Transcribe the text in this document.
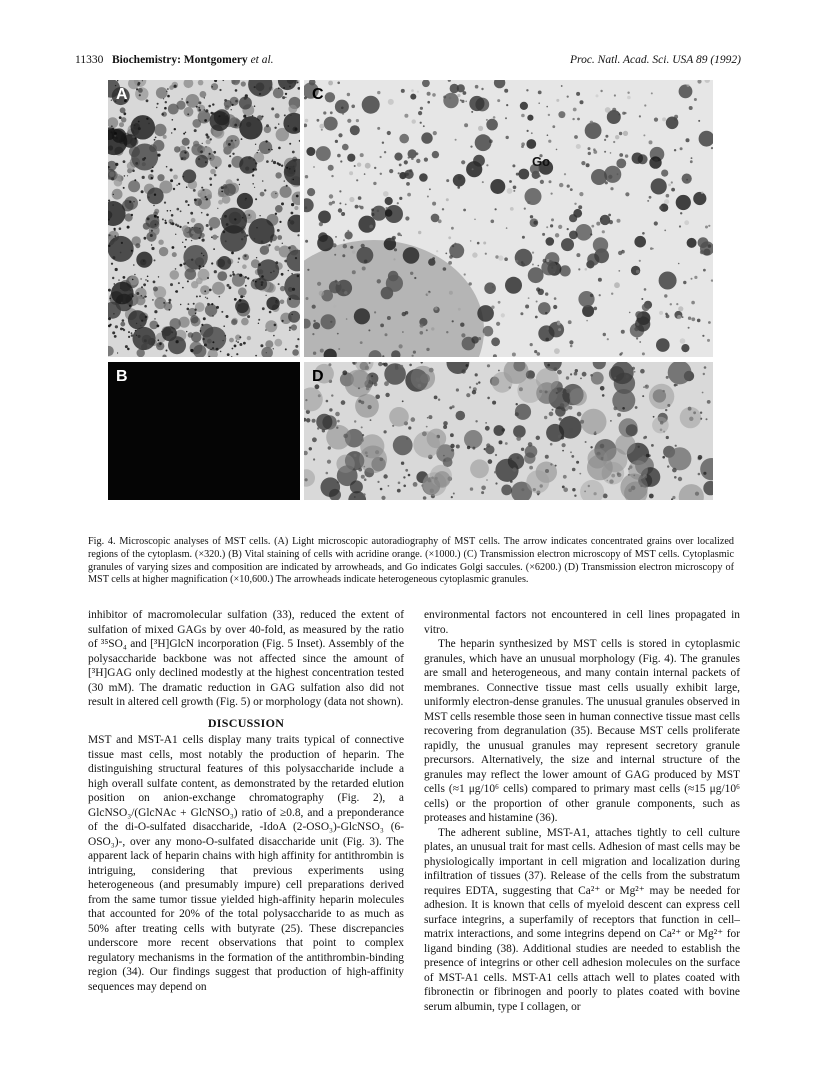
11330 Biochemistry: Montgomery et al.	Proc. Natl. Acad. Sci. USA 89 (1992)
A
B
C
Go
D
Fig. 4. Microscopic analyses of MST cells. (A) Light microscopic autoradiography of MST cells. The arrow indicates concentrated grains over localized regions of the cytoplasm. (×320.) (B) Vital staining of cells with acridine orange. (×1000.) (C) Transmission electron microscopy of MST cells. Cytoplasmic granules of varying sizes and composition are indicated by arrowheads, and Go indicates Golgi saccules. (×6200.) (D) Transmission electron microscopy of MST cells at higher magnification (×10,600.) The arrowheads indicate heterogeneous cytoplasmic granules.

inhibitor of macromolecular sulfation (33), reduced the extent of sulfation of mixed GAGs by over 40-fold, as measured by the ratio of ³⁵SO₄ and [³H]GlcN incorporation (Fig. 5 Inset). Assembly of the polysaccharide backbone was not affected since the amount of [³H]GAG only declined modestly at the highest concentration tested (30 mM). The dramatic reduction in GAG sulfation also did not result in altered cell growth (Fig. 5) or morphology (data not shown).

DISCUSSION

MST and MST-A1 cells display many traits typical of connective tissue mast cells, most notably the production of heparin. The distinguishing structural features of this polysaccharide include a high overall sulfate content, as demonstrated by the retarded elution position on anion-exchange chromatography (Fig. 2), a GlcNSO₃/(GlcNAc + GlcNSO₃) ratio of ≥0.8, and a preponderance of the di-O-sulfated disaccharide, -IdoA (2-OSO₃)-GlcNSO₃ (6-OSO₃)-, over any mono-O-sulfated disaccharide unit (Fig. 3). The apparent lack of heparin chains with high affinity for antithrombin is intriguing, considering that previous experiments using heterogeneous (and presumably impure) cell preparations derived from the same tumor tissue yielded high-affinity heparin molecules that accounted for 20% of the total polysaccharide to as much as 50% after treating cells with butyrate (25). These discrepancies underscore more recent observations that point to complex regulatory mechanisms in the formation of the antithrombin-binding region (34). Our findings suggest that production of high-affinity sequences may depend on

environmental factors not encountered in cell lines propagated in vitro.

The heparin synthesized by MST cells is stored in cytoplasmic granules, which have an unusual morphology (Fig. 4). The granules are small and heterogeneous, and many contain internal packets of membranes. Connective tissue mast cells usually exhibit large, uniformly electron-dense granules. The unusual granules observed in MST cells resemble those seen in human connective tissue mast cells recovering from degranulation (35). Because MST cells proliferate rapidly, the unusual granules may represent secretory granule precursors. Alternatively, the size and internal structure of the granules may reflect the lower amount of GAG produced by MST cells (≈1 μg/10⁶ cells) compared to primary mast cells (≈15 μg/10⁶ cells) or the proportion of other granule components, such as proteases and histamine (36).

The adherent subline, MST-A1, attaches tightly to cell culture plates, an unusual trait for mast cells. Adhesion of mast cells may be physiologically important in cell migration and localization during infiltration of tissues (37). Release of the cells from the substratum requires EDTA, suggesting that Ca²⁺ or Mg²⁺ may be needed for adhesion. It is known that cells of myeloid descent can express cell surface integrins, a superfamily of receptors that function in cell–matrix interactions, and some integrins depend on Ca²⁺ or Mg²⁺ for ligand binding (38). Additional studies are needed to establish the presence of integrins or other cell adhesion molecules on the surface of MST-A1 cells. MST-A1 cells attach well to plates coated with fibronectin or fibrinogen and poorly to plates coated with bovine serum albumin, type I collagen, or
